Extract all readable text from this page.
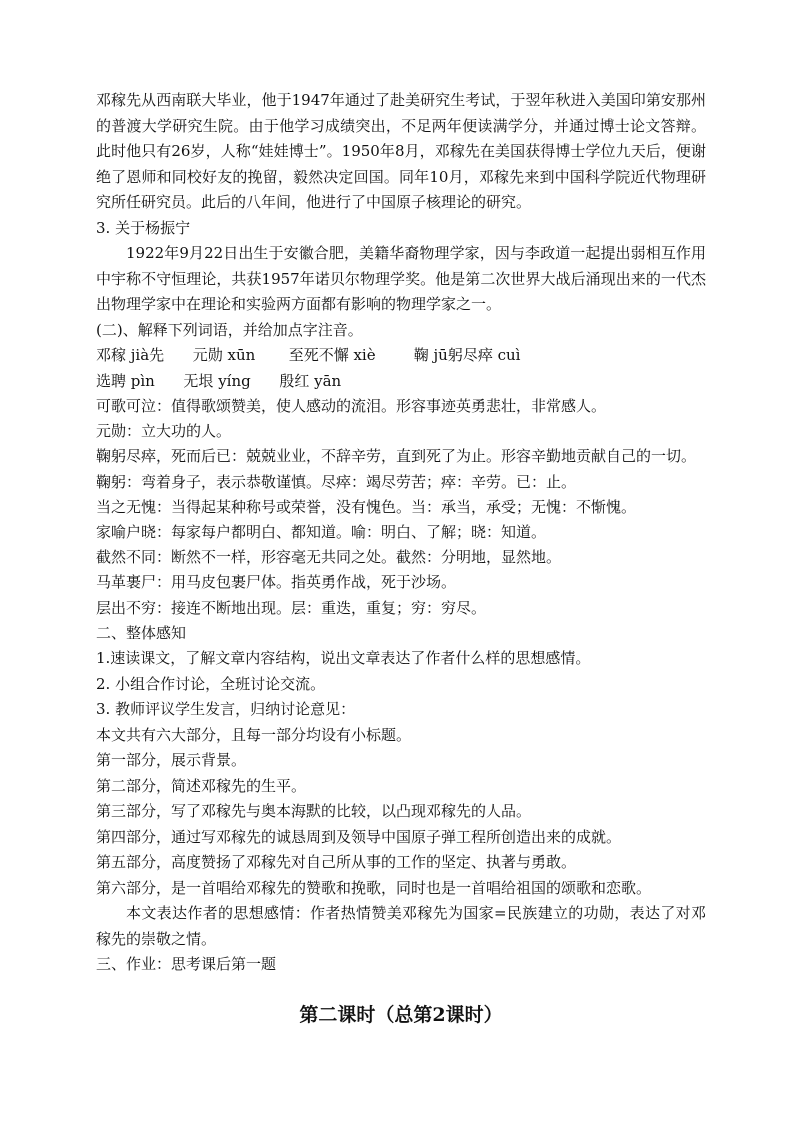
邓稼先从西南联大毕业，他于1947年通过了赴美研究生考试，于翌年秋进入美国印第安那州的普渡大学研究生院。由于他学习成绩突出，不足两年便读满学分，并通过博士论文答辩。此时他只有26岁，人称“娃娃博士”。1950年8月，邓稼先在美国获得博士学位九天后，便谢绝了恩师和同校好友的挽留，毅然决定回国。同年10月，邓稼先来到中国科学院近代物理研究所任研究员。此后的八年间，他进行了中国原子核理论的研究。

3. 关于杨振宁

1922年9月22日出生于安徽合肥，美籍华裔物理学家，因与李政道一起提出弱相互作用中宇称不守恒理论，共获1957年诺贝尔物理学奖。他是第二次世界大战后涌现出来的一代杰出物理学家中在理论和实验两方面都有影响的物理学家之一。

(二)、解释下列词语，并给加点字注音。

邓稼 jià先      元勋 xūn       至死不懈 xiè        鞠 jū躬尽瘁 cuì

选聘 pìn      无垠 yíng      殷红 yān

可歌可泣：值得歌颂赞美，使人感动的流泪。形容事迹英勇悲壮，非常感人。

元勋：立大功的人。

鞠躬尽瘁，死而后已：兢兢业业，不辞辛劳，直到死了为止。形容辛勤地贡献自己的一切。鞠躬：弯着身子，表示恭敬谨慎。尽瘁：竭尽劳苦；瘁：辛劳。已：止。

当之无愧：当得起某种称号或荣誉，没有愧色。当：承当，承受；无愧：不惭愧。

家喻户晓：每家每户都明白、都知道。喻：明白、了解；晓：知道。

截然不同：断然不一样，形容毫无共同之处。截然：分明地，显然地。

马革裹尸：用马皮包裹尸体。指英勇作战，死于沙场。

层出不穷：接连不断地出现。层：重迭，重复；穷：穷尽。

二、整体感知

1.速读课文，了解文章内容结构，说出文章表达了作者什么样的思想感情。

2. 小组合作讨论，全班讨论交流。

3. 教师评议学生发言，归纳讨论意见：

本文共有六大部分，且每一部分均设有小标题。

第一部分，展示背景。

第二部分，简述邓稼先的生平。

第三部分，写了邓稼先与奥本海默的比较，以凸现邓稼先的人品。

第四部分，通过写邓稼先的诚恳周到及领导中国原子弹工程所创造出来的成就。

第五部分，高度赞扬了邓稼先对自己所从事的工作的坚定、执著与勇敢。

第六部分，是一首唱给邓稼先的赞歌和挽歌，同时也是一首唱给祖国的颂歌和恋歌。

本文表达作者的思想感情：作者热情赞美邓稼先为国家=民族建立的功勋，表达了对邓稼先的崇敬之情。

三、作业：思考课后第一题

第二课时（总第2课时）
